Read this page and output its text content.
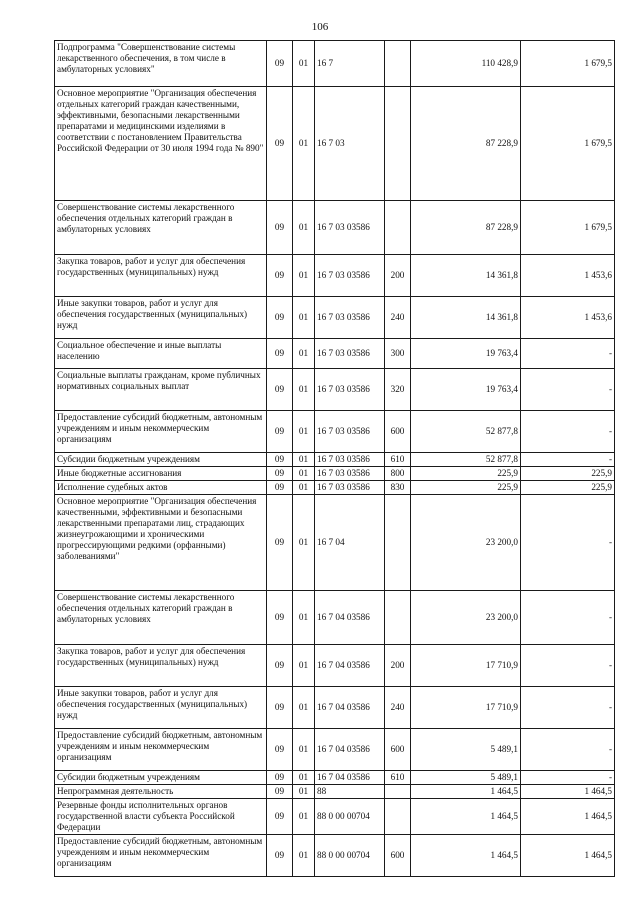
106
Подпрограмма "Совершенствование системы лекарственного обеспечения, в том числе в амбулаторных условиях"	09	01	16 7		110 428,9	1 679,5
Основное мероприятие "Организация обеспечения отдельных категорий граждан качественными, эффективными, безопасными лекарственными препаратами и медицинскими изделиями в соответствии с постановлением Правительства Российской Федерации от 30 июля 1994 года № 890"	09	01	16 7 03		87 228,9	1 679,5
Совершенствование системы лекарственного обеспечения отдельных категорий граждан в амбулаторных условиях	09	01	16 7 03 03586		87 228,9	1 679,5
Закупка товаров, работ и услуг для обеспечения государственных (муниципальных) нужд	09	01	16 7 03 03586	200	14 361,8	1 453,6
Иные закупки товаров, работ и услуг для обеспечения государственных (муниципальных) нужд	09	01	16 7 03 03586	240	14 361,8	1 453,6
Социальное обеспечение и иные выплаты населению	09	01	16 7 03 03586	300	19 763,4	-
Социальные выплаты гражданам, кроме публичных нормативных социальных выплат	09	01	16 7 03 03586	320	19 763,4	-
Предоставление субсидий бюджетным, автономным учреждениям и иным некоммерческим организациям	09	01	16 7 03 03586	600	52 877,8	-
Субсидии бюджетным учреждениям	09	01	16 7 03 03586	610	52 877,8	-
Иные бюджетные ассигнования	09	01	16 7 03 03586	800	225,9	225,9
Исполнение судебных актов	09	01	16 7 03 03586	830	225,9	225,9
Основное мероприятие "Организация обеспечения качественными, эффективными и безопасными лекарственными препаратами лиц, страдающих жизнеугрожающими и хроническими прогрессирующими редкими (орфанными) заболеваниями"	09	01	16 7 04		23 200,0	-
Совершенствование системы лекарственного обеспечения отдельных категорий граждан в амбулаторных условиях	09	01	16 7 04 03586		23 200,0	-
Закупка товаров, работ и услуг для обеспечения государственных (муниципальных) нужд	09	01	16 7 04 03586	200	17 710,9	-
Иные закупки товаров, работ и услуг для обеспечения государственных (муниципальных) нужд	09	01	16 7 04 03586	240	17 710,9	-
Предоставление субсидий бюджетным, автономным учреждениям и иным некоммерческим организациям	09	01	16 7 04 03586	600	5 489,1	-
Субсидии бюджетным учреждениям	09	01	16 7 04 03586	610	5 489,1	-
Непрограммная деятельность	09	01	88		1 464,5	1 464,5
Резервные фонды исполнительных органов государственной власти субъекта Российской Федерации	09	01	88 0 00 00704		1 464,5	1 464,5
Предоставление субсидий бюджетным, автономным учреждениям и иным некоммерческим организациям	09	01	88 0 00 00704	600	1 464,5	1 464,5
